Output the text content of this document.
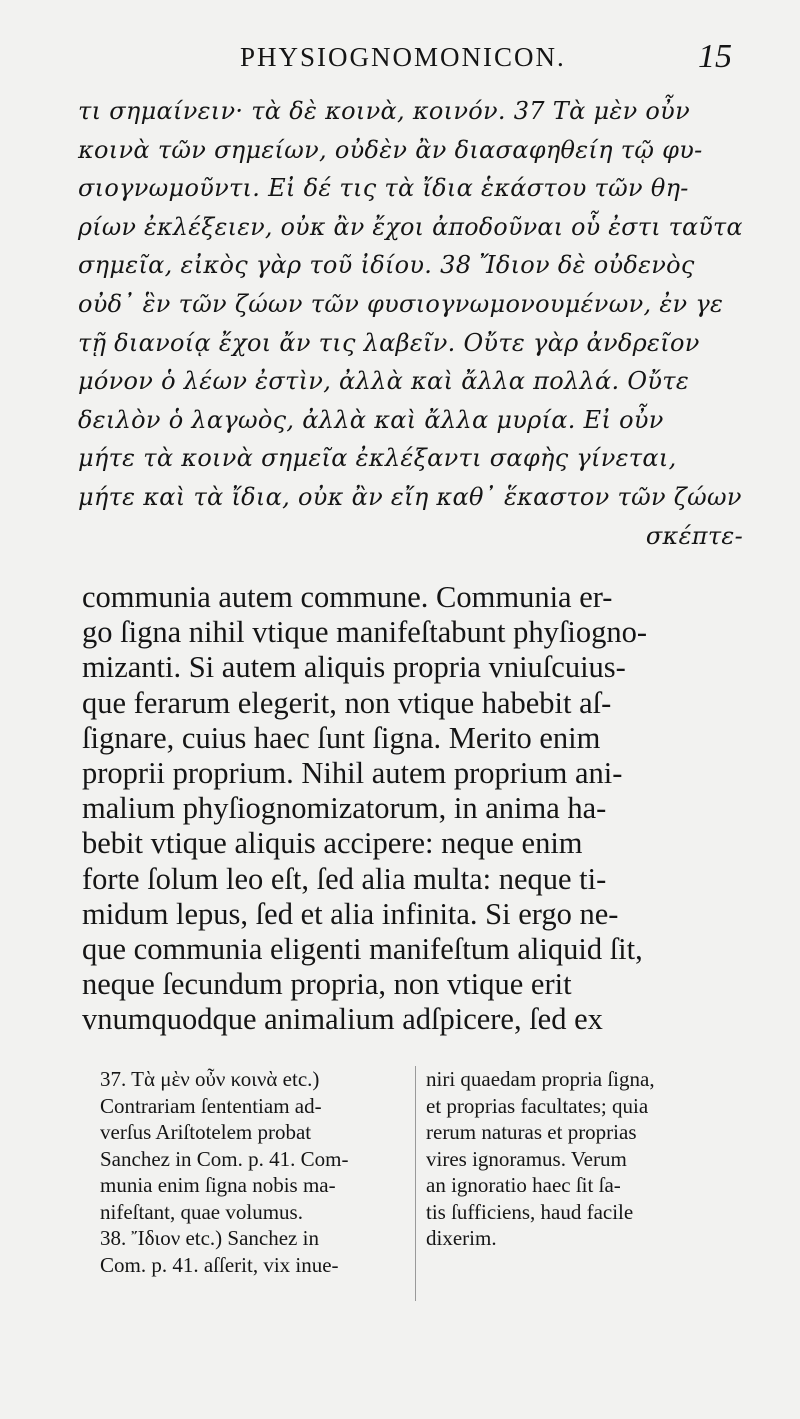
PHYSIOGNOMONICON.	15
τι σημαίνειν· τὰ δὲ κοινὰ, κοινόν. 37 Τὰ μὲν οὖν
κοινὰ τῶν σημείων, οὐδὲν ἂν διασαφηθείη τῷ φυ-
σιογνωμοῦντι. Εἰ δέ τις τὰ ἴδια ἑκάστου τῶν θη-
ρίων ἐκλέξειεν, οὐκ ἂν ἔχοι ἀποδοῦναι οὗ ἐστι ταῦτα
σημεῖα, εἰκὸς γὰρ τοῦ ἰδίου. 38 Ἴδιον δὲ οὐδενὸς
οὐδ᾽ ἓν τῶν ζώων τῶν φυσιογνωμονουμένων, ἐν γε
τῇ διανοίᾳ ἔχοι ἄν τις λαβεῖν. Οὔτε γὰρ ἀνδρεῖον
μόνον ὁ λέων ἐστὶν, ἀλλὰ καὶ ἄλλα πολλά. Οὔτε
δειλὸν ὁ λαγωὸς, ἀλλὰ καὶ ἄλλα μυρία. Εἰ οὖν
μήτε τὰ κοινὰ σημεῖα ἐκλέξαντι σαφὴς γίνεται,
μήτε καὶ τὰ ἴδια, οὐκ ἂν εἴη καθ᾽ ἕκαστον τῶν ζώων
σκέπτε-
communia autem commune. Communia er-
go ſigna nihil vtique manifeſtabunt phyſiogno-
mizanti. Si autem aliquis propria vniuſcuius-
que ferarum elegerit, non vtique habebit aſ-
ſignare, cuius haec ſunt ſigna. Merito enim
proprii proprium. Nihil autem proprium ani-
malium phyſiognomizatorum, in anima ha-
bebit vtique aliquis accipere: neque enim
forte ſolum leo eſt, ſed alia multa: neque ti-
midum lepus, ſed et alia infinita. Si ergo ne-
que communia eligenti manifeſtum aliquid ſit,
neque ſecundum propria, non vtique erit
vnumquodque animalium adſpicere, ſed ex
37. Τὰ μὲν οὖν κοινὰ etc.)
Contrariam ſententiam ad-
verſus Ariſtotelem probat
Sanchez in Com. p. 41. Com-
munia enim ſigna nobis ma-
nifeſtant, quae volumus.
38. Ἴδιον etc.) Sanchez in
Com. p. 41. aſſerit, vix inue-
niri quaedam propria ſigna,
et proprias facultates; quia
rerum naturas et proprias
vires ignoramus. Verum
an ignoratio haec ſit ſa-
tis ſufficiens, haud facile
dixerim.
